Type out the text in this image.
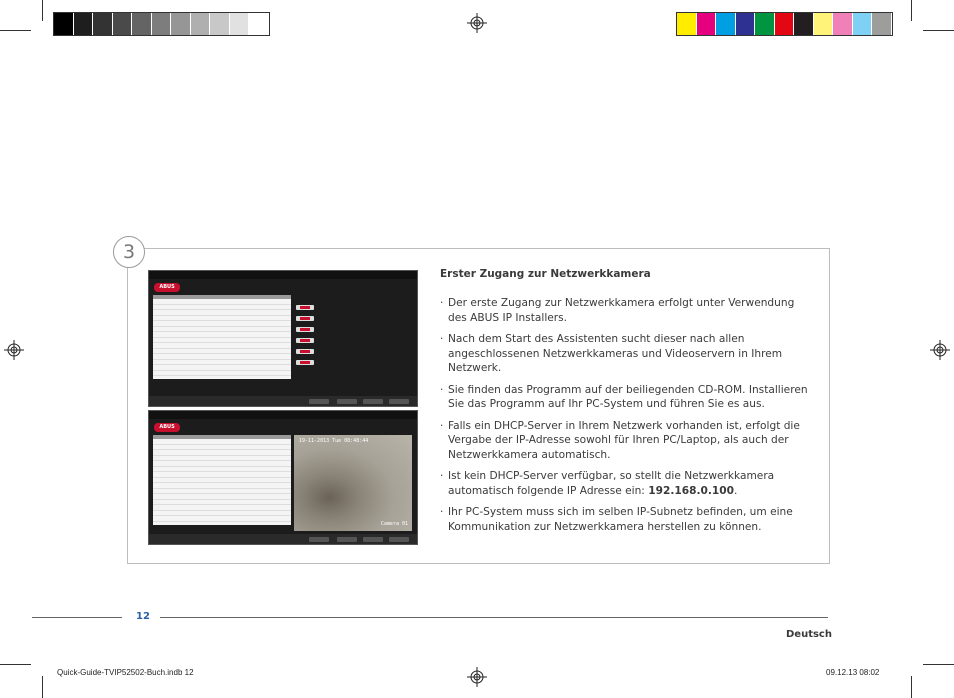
3
ABUS
ABUS
19-11-2013 Tue 08:48:44
Camera 01
Erster Zugang zur Netzwerkkamera
· Der erste Zugang zur Netzwerkkamera erfolgt unter Verwendung des ABUS IP Installers.
· Nach dem Start des Assistenten sucht dieser nach allen angeschlossenen Netzwerkkameras und Videoservern in Ihrem Netzwerk.
· Sie finden das Programm auf der beiliegenden CD-ROM. Installieren Sie das Programm auf Ihr PC-System und führen Sie es aus.
· Falls ein DHCP-Server in Ihrem Netzwerk vorhanden ist, erfolgt die Vergabe der IP-Adresse sowohl für Ihren PC/Laptop, als auch der Netzwerkkamera automatisch.
· Ist kein DHCP-Server verfügbar, so stellt die Netzwerkkamera automatisch folgende IP Adresse ein: 192.168.0.100.
· Ihr PC-System muss sich im selben IP-Subnetz befinden, um eine Kommunikation zur Netzwerkkamera herstellen zu können.
12
Deutsch
Quick-Guide-TVIP52502-Buch.indb 12	09.12.13 08:02
